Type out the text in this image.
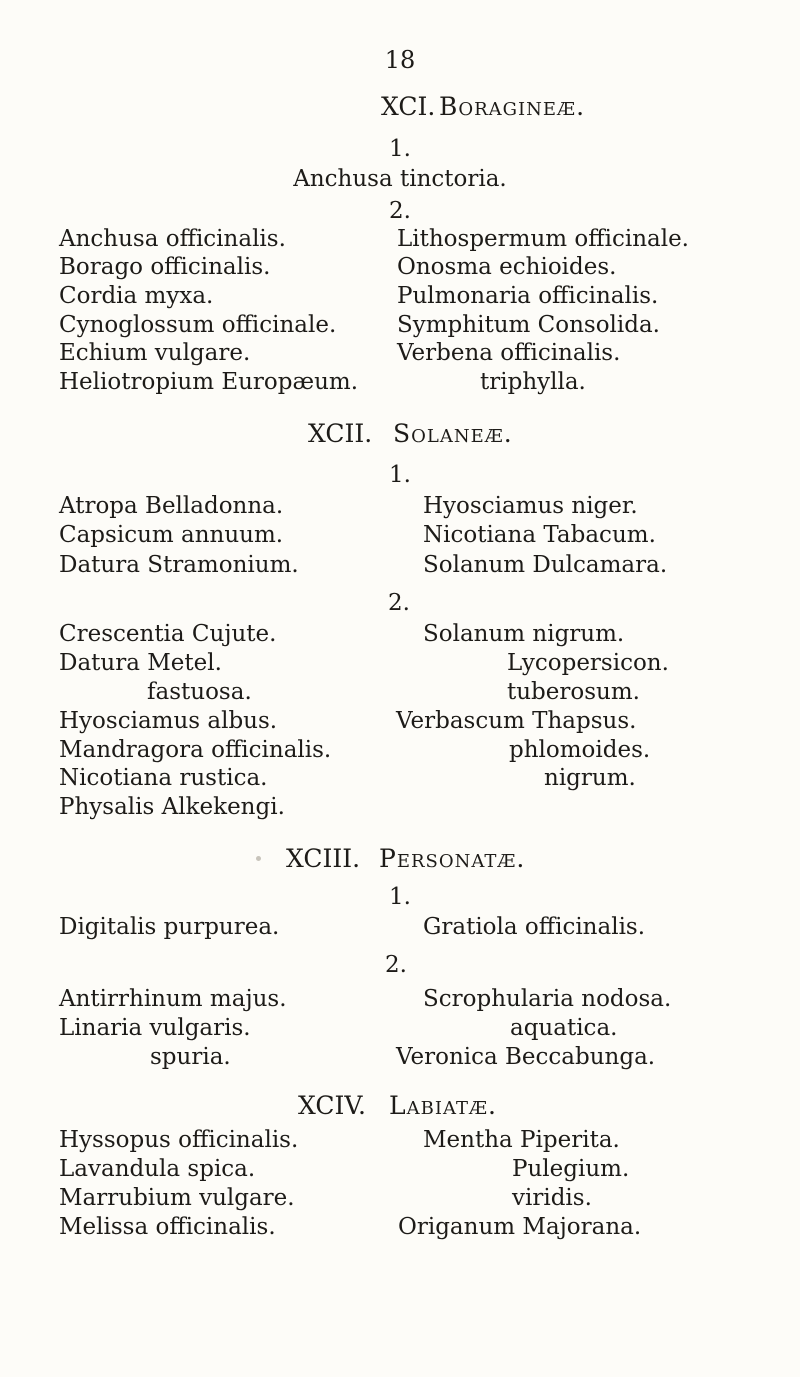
18
XCI. Boragineæ.
1.
Anchusa tinctoria.
2.
Anchusa officinalis.
Borago officinalis.
Cordia myxa.
Cynoglossum officinale.
Echium vulgare.
Heliotropium Europæum.
Lithospermum officinale.
Onosma echioides.
Pulmonaria officinalis.
Symphitum Consolida.
Verbena officinalis.
triphylla.
XCII. Solaneæ.
1.
Atropa Belladonna.
Capsicum annuum.
Datura Stramonium.
Hyosciamus niger.
Nicotiana Tabacum.
Solanum Dulcamara.
2.
Crescentia Cujute.
Datura Metel.
fastuosa.
Hyosciamus albus.
Mandragora officinalis.
Nicotiana rustica.
Physalis Alkekengi.
Solanum nigrum.
Lycopersicon.
tuberosum.
Verbascum Thapsus.
phlomoides.
nigrum.
XCIII. Personatæ.
1.
Digitalis purpurea.	Gratiola officinalis.
2.
Antirrhinum majus.
Linaria vulgaris.
spuria.
Scrophularia nodosa.
aquatica.
Veronica Beccabunga.
XCIV. Labiatæ.
Hyssopus officinalis.
Lavandula spica.
Marrubium vulgare.
Melissa officinalis.
Mentha Piperita.
Pulegium.
viridis.
Origanum Majorana.
